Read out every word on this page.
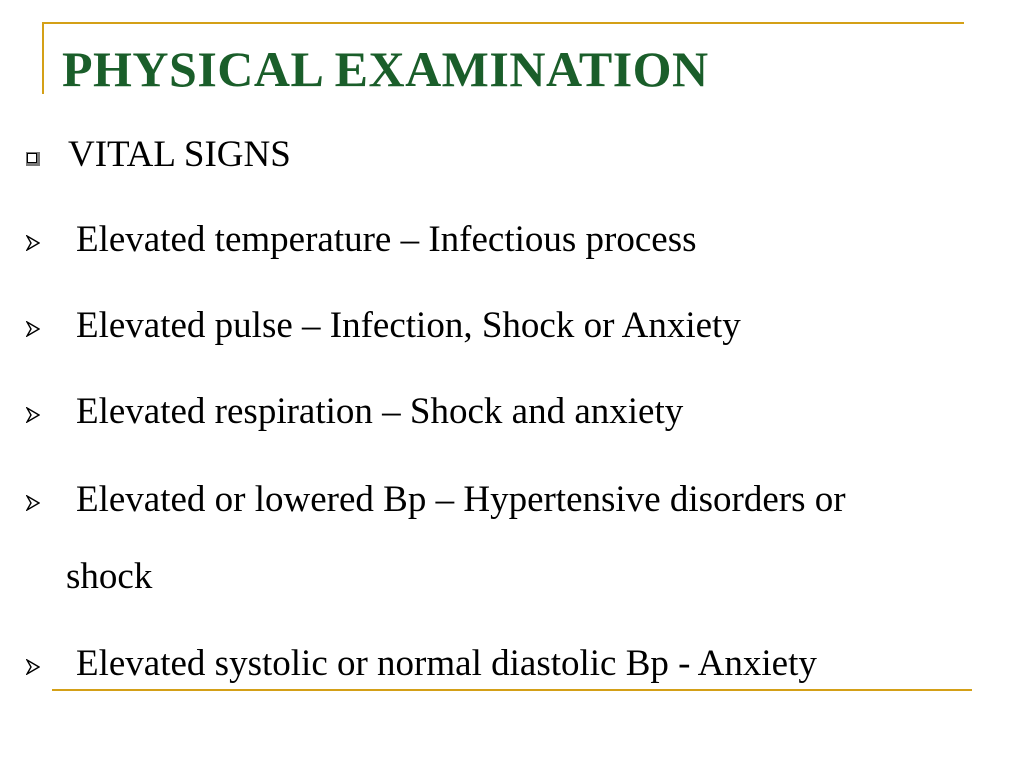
PHYSICAL EXAMINATION
VITAL SIGNS
Elevated temperature – Infectious process
Elevated pulse – Infection, Shock or Anxiety
Elevated respiration – Shock and anxiety
Elevated or lowered Bp – Hypertensive disorders or
shock
Elevated systolic or normal diastolic Bp - Anxiety
